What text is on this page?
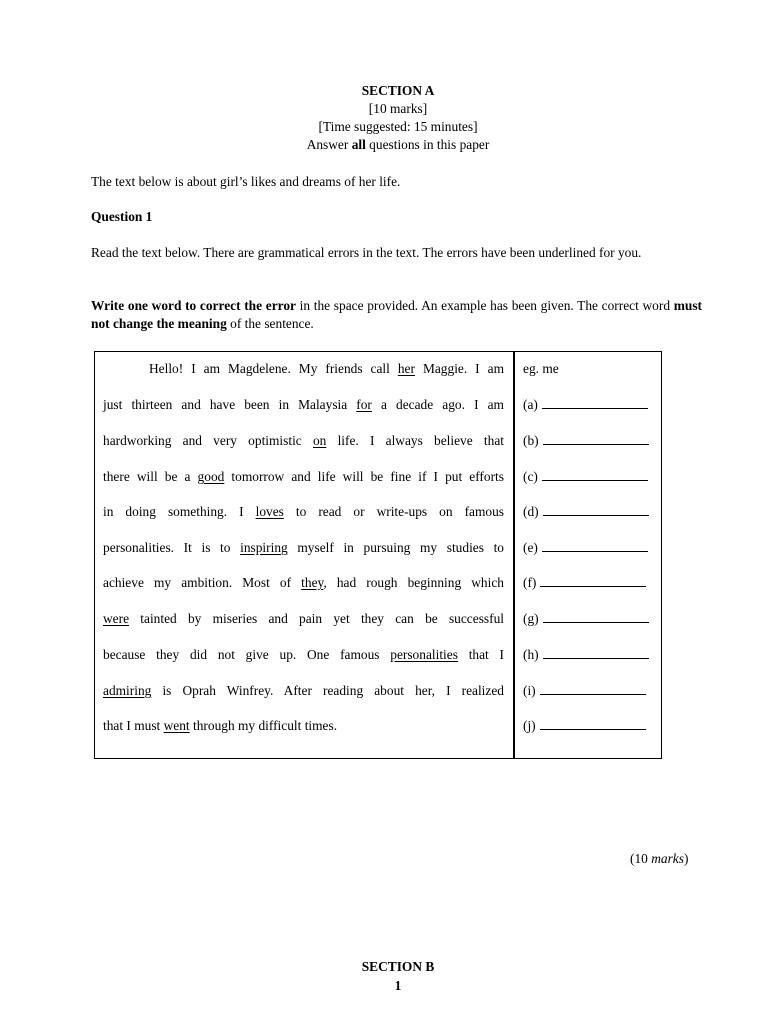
SECTION A
[10 marks]
[Time suggested: 15 minutes]
Answer all questions in this paper
The text below is about girl’s likes and dreams of her life.
Question 1
Read the text below. There are grammatical errors in the text. The errors have been underlined for you.
Write one word to correct the error in the space provided. An example has been given. The correct word must not change the meaning of the sentence.
Hello! I am Magdelene. My friends call her Maggie. I am
just thirteen and have been in Malaysia for a decade ago. I am
hardworking and very optimistic on life. I always believe that
there will be a good tomorrow and life will be fine if I put efforts
in doing something. I loves to read or write-ups on famous
personalities. It is to inspiring myself in pursuing my studies to
achieve my ambition. Most of they, had rough beginning which
were tainted by miseries and pain yet they can be successful
because they did not give up. One famous personalities that I
admiring is Oprah Winfrey. After reading about her, I realized
that I must went through my difficult times.
eg. me
(a)
(b)
(c)
(d)
(e)
(f)
(g)
(h)
(i)
(j)
(10 marks)
SECTION B
1
